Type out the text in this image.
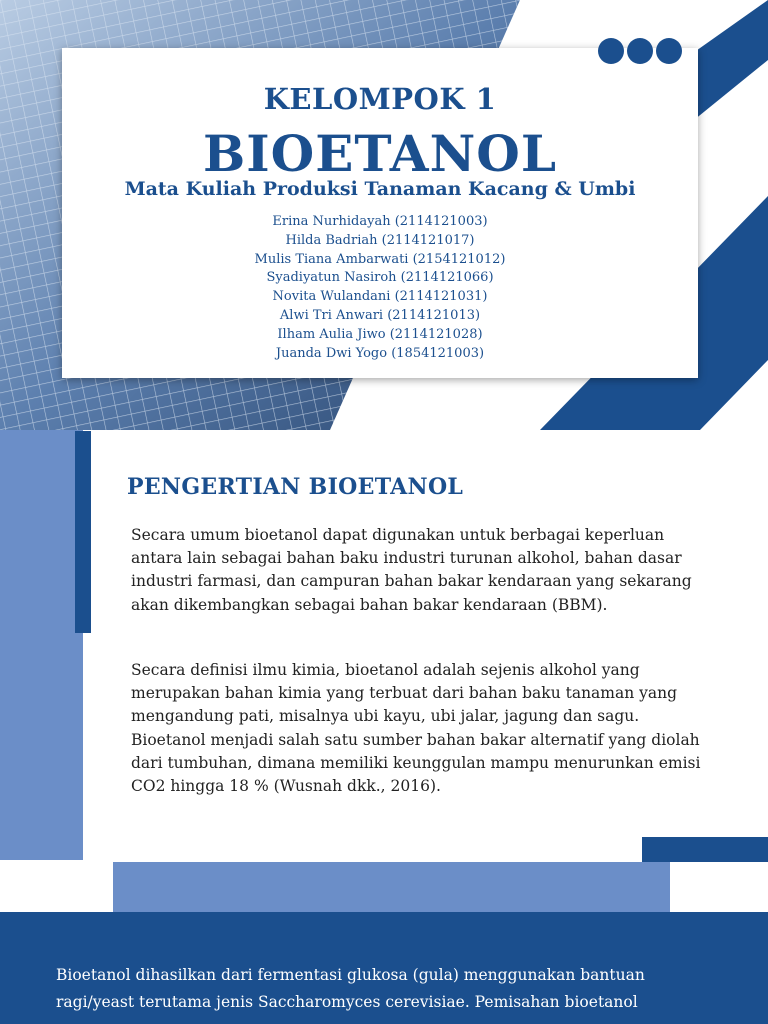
KELOMPOK 1
BIOETANOL
Mata Kuliah Produksi Tanaman Kacang & Umbi
Erina Nurhidayah (2114121003)
Hilda Badriah (2114121017)
Mulis Tiana Ambarwati (2154121012)
Syadiyatun Nasiroh (2114121066)
Novita Wulandani (2114121031)
Alwi Tri Anwari (2114121013)
Ilham Aulia Jiwo (2114121028)
Juanda Dwi Yogo (1854121003)
PENGERTIAN BIOETANOL

Secara umum bioetanol dapat digunakan untuk berbagai keperluan antara lain sebagai bahan baku industri turunan alkohol, bahan dasar industri farmasi, dan campuran bahan bakar kendaraan yang sekarang akan dikembangkan sebagai bahan bakar kendaraan (BBM).

Secara definisi ilmu kimia, bioetanol adalah sejenis alkohol yang merupakan bahan kimia yang terbuat dari bahan baku tanaman yang mengandung pati, misalnya ubi kayu, ubi jalar, jagung dan sagu. Bioetanol menjadi salah satu sumber bahan bakar alternatif yang diolah dari tumbuhan, dimana memiliki keunggulan mampu menurunkan emisi CO2 hingga 18 % (Wusnah dkk., 2016).

Bioetanol dihasilkan dari fermentasi glukosa (gula) menggunakan bantuan ragi/yeast terutama jenis Saccharomyces cerevisiae. Pemisahan bioetanol
